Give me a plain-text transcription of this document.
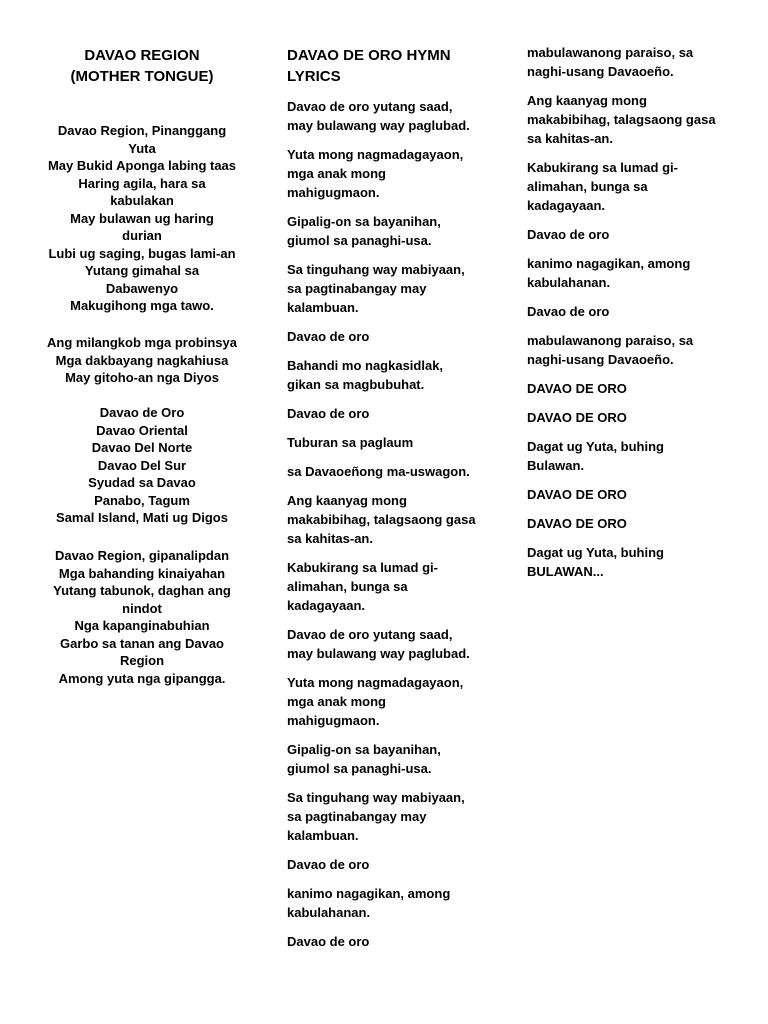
DAVAO REGION
(MOTHER TONGUE)
Davao Region, Pinanggang
Yuta
May Bukid Aponga labing taas
Haring agila, hara sa
kabulakan
May bulawan ug haring
durian
Lubi ug saging, bugas lami-an
Yutang gimahal sa
Dabawenyo
Makugihong mga tawo.
Ang milangkob mga probinsya
Mga dakbayang nagkahiusa
May gitoho-an nga Diyos
Davao de Oro
Davao Oriental
Davao Del Norte
Davao Del Sur
Syudad sa Davao
Panabo, Tagum
Samal Island, Mati ug Digos
Davao Region, gipanalipdan
Mga bahanding kinaiyahan
Yutang tabunok, daghan ang
nindot
Nga kapanginabuhian
Garbo sa tanan ang Davao
Region
Among yuta nga gipangga.
DAVAO DE ORO HYMN
LYRICS
Davao de oro yutang saad,
may bulawang way paglubad.
Yuta mong nagmadagayaon,
mga anak mong
mahigugmaon.
Gipalig-on sa bayanihan,
giumol sa panaghi-usa.
Sa tinguhang way mabiyaan,
sa pagtinabangay may
kalambuan.
Davao de oro
Bahandi mo nagkasidlak,
gikan sa magbubuhat.
Davao de oro
Tuburan sa paglaum
sa Davaoeñong ma-uswagon.
Ang kaanyag mong
makabibihag, talagsaong gasa
sa kahitas-an.
Kabukirang sa lumad gi-
alimahan, bunga sa
kadagayaan.
Davao de oro yutang saad,
may bulawang way paglubad.
Yuta mong nagmadagayaon,
mga anak mong
mahigugmaon.
Gipalig-on sa bayanihan,
giumol sa panaghi-usa.
Sa tinguhang way mabiyaan,
sa pagtinabangay may
kalambuan.
Davao de oro
kanimo nagagikan, among
kabulahanan.
Davao de oro
mabulawanong paraiso, sa
naghi-usang Davaoeño.
Ang kaanyag mong
makabibihag, talagsaong gasa
sa kahitas-an.
Kabukirang sa lumad gi-
alimahan, bunga sa
kadagayaan.
Davao de oro
kanimo nagagikan, among
kabulahanan.
Davao de oro
mabulawanong paraiso, sa
naghi-usang Davaoeño.
DAVAO DE ORO
DAVAO DE ORO
Dagat ug Yuta, buhing
Bulawan.
DAVAO DE ORO
DAVAO DE ORO
Dagat ug Yuta, buhing
BULAWAN...
